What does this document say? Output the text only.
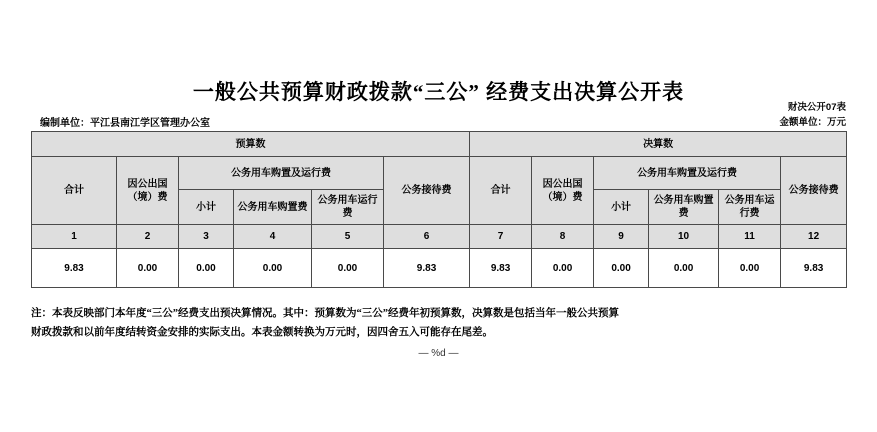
一般公共预算财政拨款“三公” 经费支出决算公开表
财决公开07表
金额单位：万元
编制单位：平江县南江学区管理办公室
预算数						决算数					
合计	因公出国（境）费	公务用车购置及运行费			公务接待费	合计	因公出国（境）费	公务用车购置及运行费			公务接待费
		小计	公务用车购置费	公务用车运行费				小计	公务用车购置费	公务用车运行费	
1	2	3	4	5	6	7	8	9	10	11	12
9.83	0.00	0.00	0.00	0.00	9.83	9.83	0.00	0.00	0.00	0.00	9.83
注：本表反映部门本年度“三公”经费支出预决算情况。其中：预算数为“三公”经费年初预算数，决算数是包括当年一般公共预算
财政拨款和以前年度结转资金安排的实际支出。本表金额转换为万元时，因四舍五入可能存在尾差。
— %d —
